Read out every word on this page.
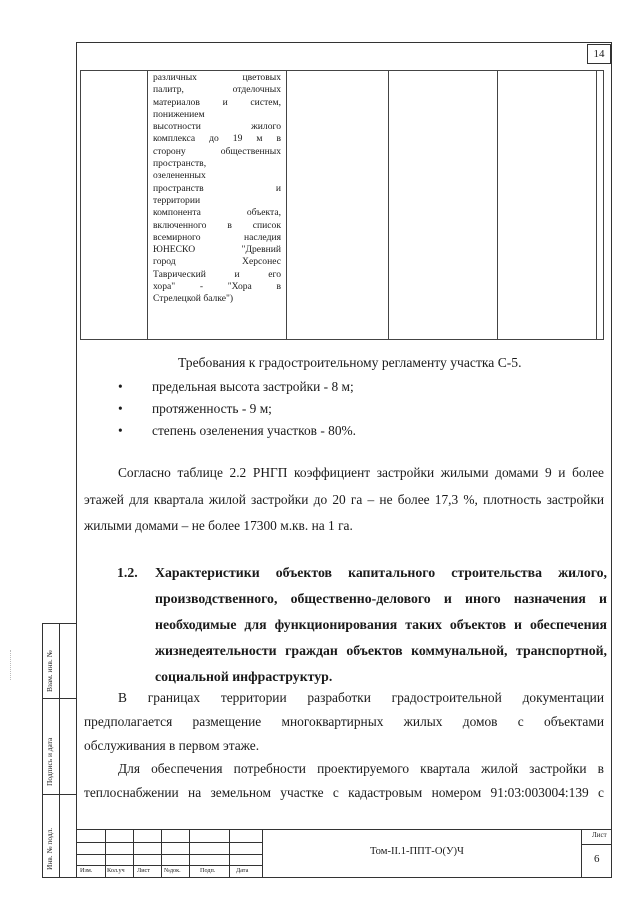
14
различных цветовых
палитр, отделочных
материалов и систем,
понижением
высотности жилого
комплекса до 19 м в
сторону общественных
пространств,
озелененных
пространств и
территории
компонента объекта,
включенного в список
всемирного наследия
ЮНЕСКО "Древний
город Херсонес
Таврический и его
хора" - "Хора в
Стрелецкой балке")
Требования к градостроительному регламенту участка С-5.
• предельная высота застройки - 8 м;
• протяженность - 9 м;
• степень озеленения участков - 80%.
Согласно таблице 2.2 РНГП коэффициент застройки жилыми домами 9 и более
этажей для квартала жилой застройки до 20 га – не более 17,3 %, плотность застройки
жилыми домами – не более 17300 м.кв. на 1 га.
1.2. Характеристики объектов капитального строительства жилого,
производственного, общественно-делового и иного назначения и
необходимые для функционирования таких объектов и обеспечения
жизнедеятельности граждан объектов коммунальной, транспортной,
социальной инфраструктур.
В границах территории разработки градостроительной документации
предполагается размещение многоквартирных жилых домов с объектами
обслуживания в первом этаже.
Для обеспечения потребности проектируемого квартала жилой застройки в
теплоснабжении на земельном участке с кадастровым номером 91:03:003004:139 с
Изм. Кол.уч Лист №док.	Подп.	Дата
Том-II.1-ППТ-О(У)Ч
Лист
6
Взам. инв. №
Подпись и дата
Инв. № подл.
